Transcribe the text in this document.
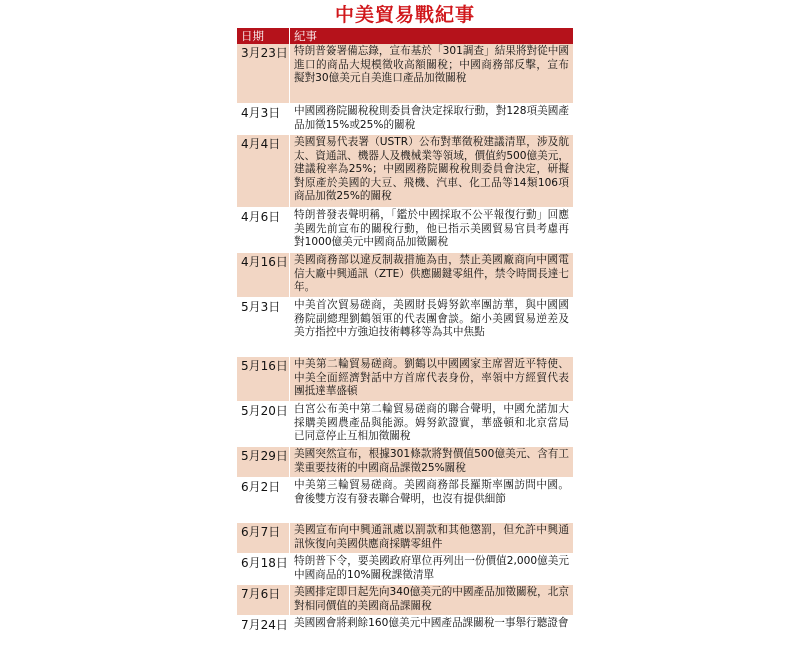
中美貿易戰紀事
日期	紀事
3月23日 特朗普簽署備忘錄，宣布基於「301調查」結果將對從中國進口的商品大規模徵收高額關稅；中國商務部反擊，宣布擬對30億美元自美進口產品加徵關稅
4月3日	中國國務院關稅稅則委員會決定採取行動，對128項美國產品加徵15%或25%的關稅
4月4日	美國貿易代表署（USTR）公布對華徵稅建議清單，涉及航太、資通訊、機器人及機械業等領域，價值約500億美元，建議稅率為25%；中國國務院關稅稅則委員會決定，研擬對原產於美國的大豆、飛機、汽車、化工品等14類106項商品加徵25%的關稅
4月6日	特朗普發表聲明稱，「鑑於中國採取不公平報復行動」回應美國先前宣布的關稅行動，他已指示美國貿易官員考慮再對1000億美元中國商品加徵關稅
4月16日 美國商務部以違反制裁措施為由，禁止美國廠商向中國電信大廠中興通訊（ZTE）供應關鍵零組件，禁令時間長達七年。
5月3日	中美首次貿易磋商，美國財長姆努欽率團訪華，與中國國務院副總理劉鶴領軍的代表團會談。縮小美國貿易逆差及美方指控中方強迫技術轉移等為其中焦點
5月16日 中美第二輪貿易磋商。劉鶴以中國國家主席習近平特使、中美全面經濟對話中方首席代表身份，率領中方經貿代表團抵達華盛頓
5月20日 白宮公布美中第二輪貿易磋商的聯合聲明，中國允諾加大採購美國農產品與能源。姆努欽證實，華盛頓和北京當局已同意停止互相加徵關稅
5月29日 美國突然宣布，根據301條款將對價值500億美元、含有工業重要技術的中國商品課徵25%關稅
6月2日	中美第三輪貿易磋商。美國商務部長羅斯率團訪問中國。會後雙方沒有發表聯合聲明，也沒有提供細節
6月7日	美國宣布向中興通訊處以罰款和其他懲罰，但允許中興通訊恢復向美國供應商採購零組件
6月18日 特朗普下令，要美國政府單位再列出一份價值2,000億美元中國商品的10%關稅課徵清單
7月6日	美國排定即日起先向340億美元的中國產品加徵關稅，北京對相同價值的美國商品課關稅
7月24日 美國國會將剩餘160億美元中國產品課關稅一事舉行聽證會
